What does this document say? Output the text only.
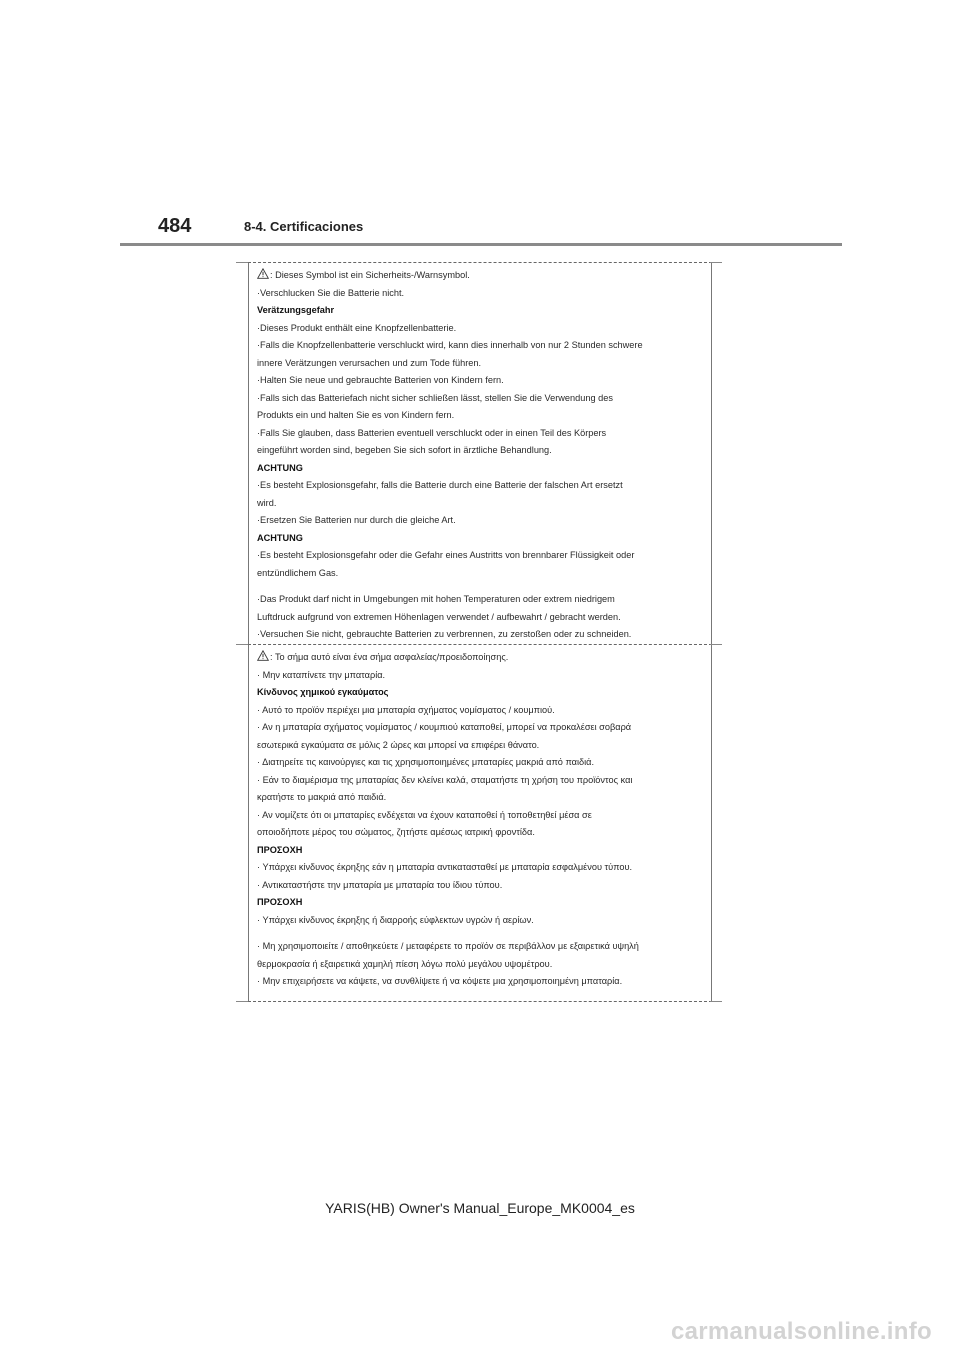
484	8-4. Certificaciones
: Dieses Symbol ist ein Sicherheits-/Warnsymbol.
·Verschlucken Sie die Batterie nicht.
Verätzungsgefahr
·Dieses Produkt enthält eine Knopfzellenbatterie.
·Falls die Knopfzellenbatterie verschluckt wird, kann dies innerhalb von nur 2 Stunden schwere
innere Verätzungen verursachen und zum Tode führen.
·Halten Sie neue und gebrauchte Batterien von Kindern fern.
·Falls sich das Batteriefach nicht sicher schließen lässt, stellen Sie die Verwendung des
Produkts ein und halten Sie es von Kindern fern.
·Falls Sie glauben, dass Batterien eventuell verschluckt oder in einen Teil des Körpers
eingeführt worden sind, begeben Sie sich sofort in ärztliche Behandlung.
ACHTUNG
·Es besteht Explosionsgefahr, falls die Batterie durch eine Batterie der falschen Art ersetzt
wird.
·Ersetzen Sie Batterien nur durch die gleiche Art.
ACHTUNG
·Es besteht Explosionsgefahr oder die Gefahr eines Austritts von brennbarer Flüssigkeit oder
entzündlichem Gas.
·Das Produkt darf nicht in Umgebungen mit hohen Temperaturen oder extrem niedrigem
Luftdruck aufgrund von extremen Höhenlagen verwendet / aufbewahrt / gebracht werden.
·Versuchen Sie nicht, gebrauchte Batterien zu verbrennen, zu zerstoßen oder zu schneiden.
: Το σήμα αυτό είναι ένα σήμα ασφαλείας/προειδοποίησης.
· Μην καταπίνετε την μπαταρία.
Κίνδυνος χημικού εγκαύματος
· Αυτό το προϊόν περιέχει μια μπαταρία σχήματος νομίσματος / κουμπιού.
· Αν η μπαταρία σχήματος νομίσματος / κουμπιού καταποθεί, μπορεί να προκαλέσει σοβαρά
εσωτερικά εγκαύματα σε μόλις 2 ώρες και μπορεί να επιφέρει θάνατο.
· Διατηρείτε τις καινούργιες και τις χρησιμοποιημένες μπαταρίες μακριά από παιδιά.
· Εάν το διαμέρισμα της μπαταρίας δεν κλείνει καλά, σταματήστε τη χρήση του προϊόντος και
κρατήστε το μακριά από παιδιά.
· Αν νομίζετε ότι οι μπαταρίες ενδέχεται να έχουν καταποθεί ή τοποθετηθεί μέσα σε
οποιοδήποτε μέρος του σώματος, ζητήστε αμέσως ιατρική φροντίδα.
ΠΡΟΣΟΧΗ
· Υπάρχει κίνδυνος έκρηξης εάν η μπαταρία αντικατασταθεί με μπαταρία εσφαλμένου τύπου.
· Αντικαταστήστε την μπαταρία με μπαταρία του ίδιου τύπου.
ΠΡΟΣΟΧΗ
· Υπάρχει κίνδυνος έκρηξης ή διαρροής εύφλεκτων υγρών ή αερίων.
· Μη χρησιμοποιείτε / αποθηκεύετε / μεταφέρετε το προϊόν σε περιβάλλον με εξαιρετικά υψηλή
θερμοκρασία ή εξαιρετικά χαμηλή πίεση λόγω πολύ μεγάλου υψομέτρου.
· Μην επιχειρήσετε να κάψετε, να συνθλίψετε ή να κόψετε μια χρησιμοποιημένη μπαταρία.
YARIS(HB) Owner's Manual_Europe_MK0004_es
carmanualsonline.info
